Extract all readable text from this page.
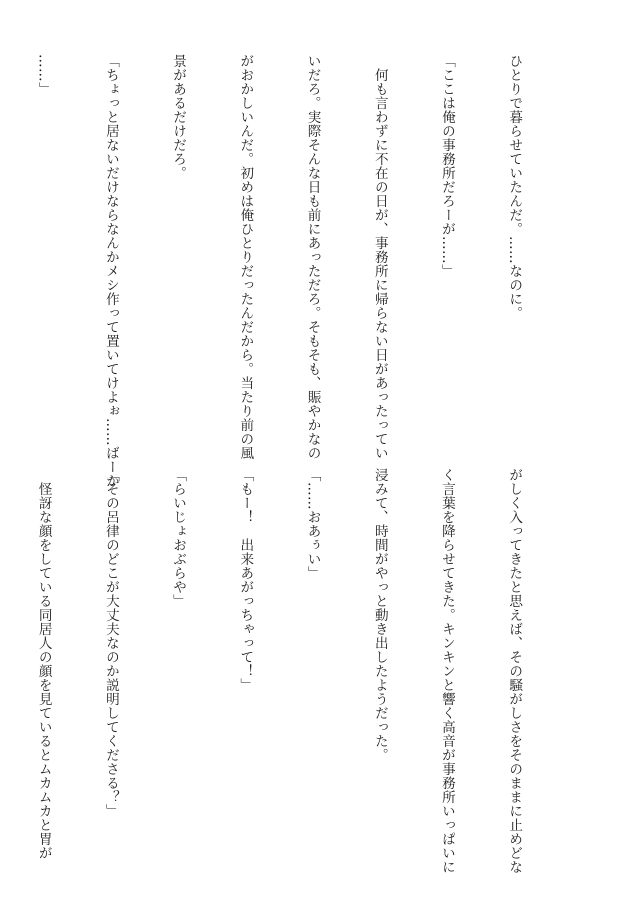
ひとりで暮らせていたんだ。……なのに。

「ここは俺の事務所だろーが……」

　何も言わずに不在の日が、事務所に帰らない日があったってい

いだろ。実際そんな日も前にあっただろ。そもそも、賑やかなの

がおかしいんだ。初めは俺ひとりだったんだから。当たり前の風

景があるだけだろ。

「ちょっと居ないだけならなんかメシ作って置いてけよぉ……ばーか

……」

がしく入ってきたと思えば、その騒がしさをそのままに止めどな

く言葉を降らせてきた。キンキンと響く高音が事務所いっぱいに

浸みて、時間がやっと動き出したようだった。

「……おあぅい」

「もー！　出来あがっちゃって！」

「らいじょおぶらや」

「その呂律のどこが大丈夫なのか説明してくださる？」

　怪訝な顔をしている同居人の顔を見ているとムカムカと胃が
